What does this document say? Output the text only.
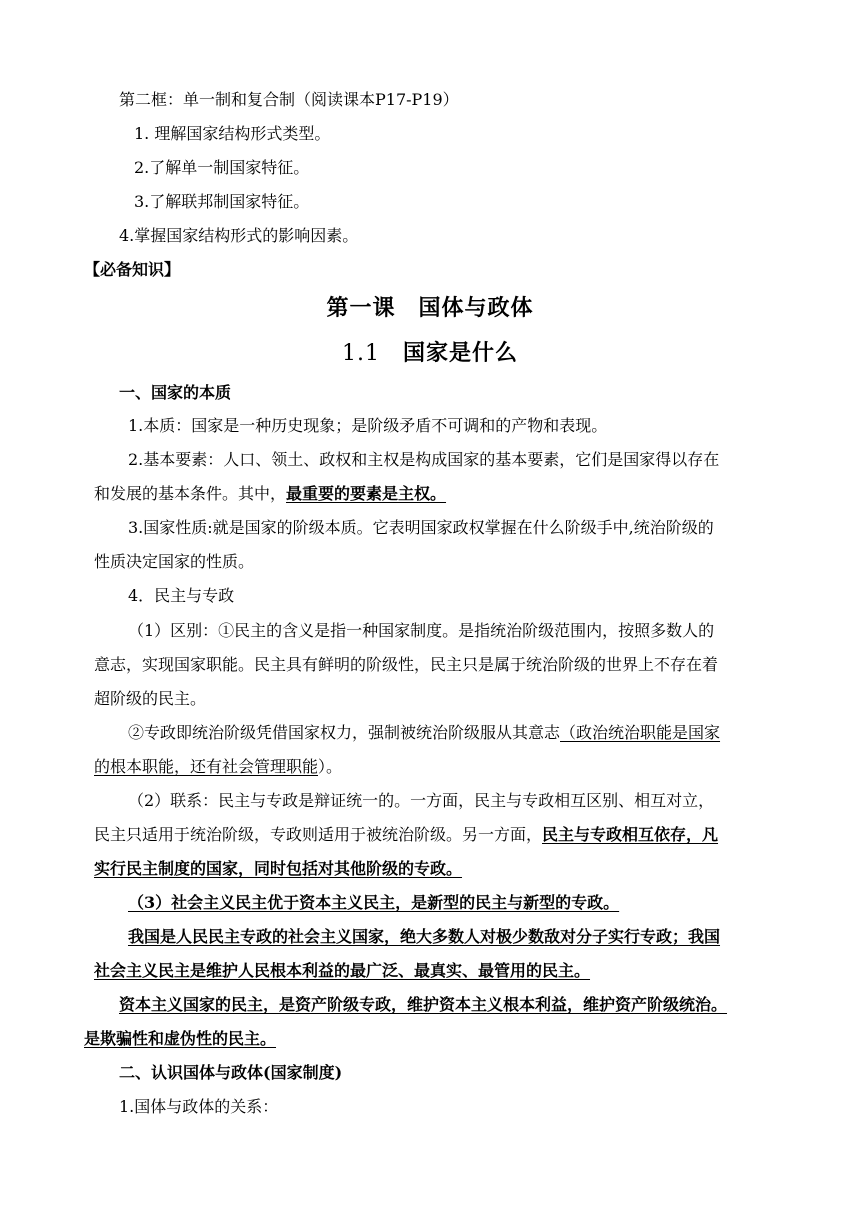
第二框：单一制和复合制（阅读课本P17-P19）
1. 理解国家结构形式类型。
2.了解单一制国家特征。
3.了解联邦制国家特征。
4.掌握国家结构形式的影响因素。
【必备知识】
第一课　国体与政体
1.1　国家是什么
一、国家的本质
1.本质：国家是一种历史现象；是阶级矛盾不可调和的产物和表现。
2.基本要素：人口、领土、政权和主权是构成国家的基本要素，它们是国家得以存在
和发展的基本条件。其中，最重要的要素是主权。
3.国家性质:就是国家的阶级本质。它表明国家政权掌握在什么阶级手中,统治阶级的
性质决定国家的性质。
4．民主与专政
（1）区别：①民主的含义是指一种国家制度。是指统治阶级范围内，按照多数人的
意志，实现国家职能。民主具有鲜明的阶级性，民主只是属于统治阶级的世界上不存在着
超阶级的民主。
②专政即统治阶级凭借国家权力，强制被统治阶级服从其意志（政治统治职能是国家
的根本职能，还有社会管理职能）。
（2）联系：民主与专政是辩证统一的。一方面，民主与专政相互区别、相互对立，
民主只适用于统治阶级，专政则适用于被统治阶级。另一方面，民主与专政相互依存，凡
实行民主制度的国家，同时包括对其他阶级的专政。
（3）社会主义民主优于资本主义民主，是新型的民主与新型的专政。
我国是人民民主专政的社会主义国家，绝大多数人对极少数敌对分子实行专政；我国
社会主义民主是维护人民根本利益的最广泛、最真实、最管用的民主。
资本主义国家的民主，是资产阶级专政，维护资本主义根本利益，维护资产阶级统治。
是欺骗性和虚伪性的民主。
二、认识国体与政体(国家制度)
1.国体与政体的关系：
